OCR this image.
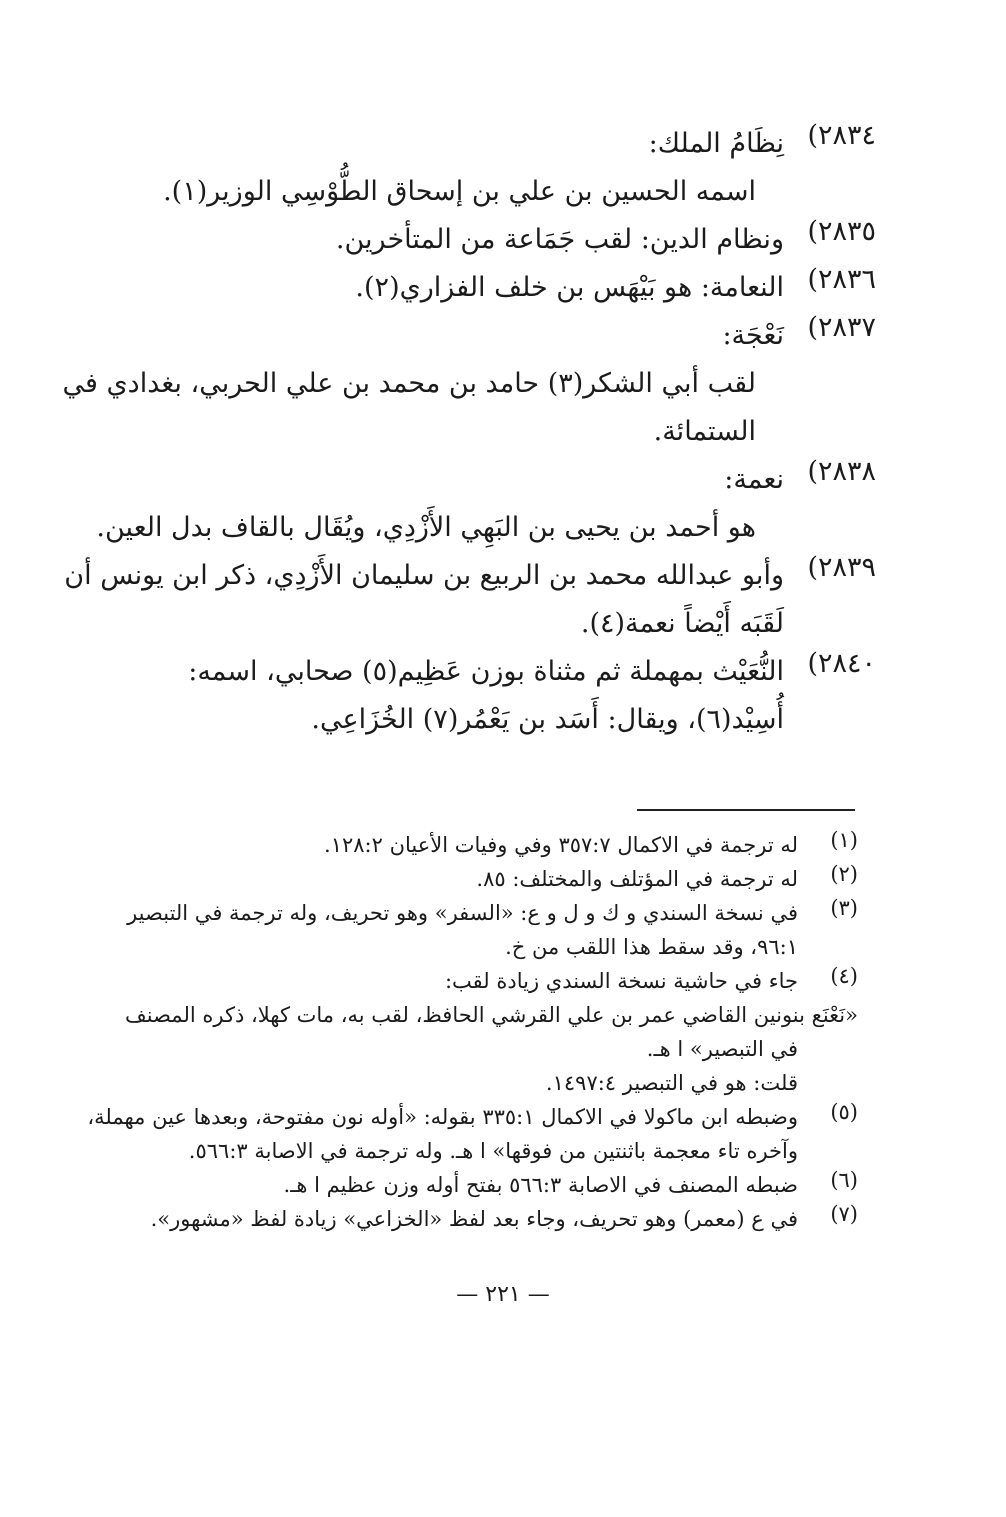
٢٨٣٤)
نِظَامُ الملك:
اسمه الحسين بن علي بن إسحاق الطُّوْسِي الوزير(١).
٢٨٣٥)
ونظام الدين: لقب جَمَاعة من المتأخرين.
٢٨٣٦)
النعامة: هو بَيْهَس بن خلف الفزاري(٢).
٢٨٣٧)
نَعْجَة:
لقب أبي الشكر(٣) حامد بن محمد بن علي الحربي، بغدادي في
الستمائة.
٢٨٣٨)
نعمة:
هو أحمد بن يحيى بن البَهِي الأَزْدِي، ويُقَال بالقاف بدل العين.
٢٨٣٩)
وأبو عبدالله محمد بن الربيع بن سليمان الأَزْدِي، ذكر ابن يونس أن
لَقَبَه أَيْضاً نعمة(٤).
٢٨٤٠)
النُّعَيْث بمهملة ثم مثناة بوزن عَظِيم(٥) صحابي، اسمه:
أُسِيْد(٦)، ويقال: أَسَد بن يَعْمُر(٧) الخُزَاعِي.
(١)
له ترجمة في الاكمال ٣٥٧:٧ وفي وفيات الأعيان ١٢٨:٢.
(٢)
له ترجمة في المؤتلف والمختلف: ٨٥.
(٣)
في نسخة السندي و ك و ل و ع: «السفر» وهو تحريف، وله ترجمة في التبصير
٩٦:١، وقد سقط هذا اللقب من خ.
(٤)
جاء في حاشية نسخة السندي زيادة لقب:
«نَعْنَع بنونين القاضي عمر بن علي القرشي الحافظ، لقب به، مات كهلا، ذكره المصنف
في التبصير» ا هـ.
قلت: هو في التبصير ١٤٩٧:٤.
(٥)
وضبطه ابن ماكولا في الاكمال ٣٣٥:١ بقوله: «أوله نون مفتوحة، وبعدها عين مهملة،
وآخره تاء معجمة باثنتين من فوقها» ا هـ. وله ترجمة في الاصابة ٥٦٦:٣.
(٦)
ضبطه المصنف في الاصابة ٥٦٦:٣ بفتح أوله وزن عظيم ا هـ.
(٧)
في ع (معمر) وهو تحريف، وجاء بعد لفظ «الخزاعي» زيادة لفظ «مشهور».
— ٢٢١ —
